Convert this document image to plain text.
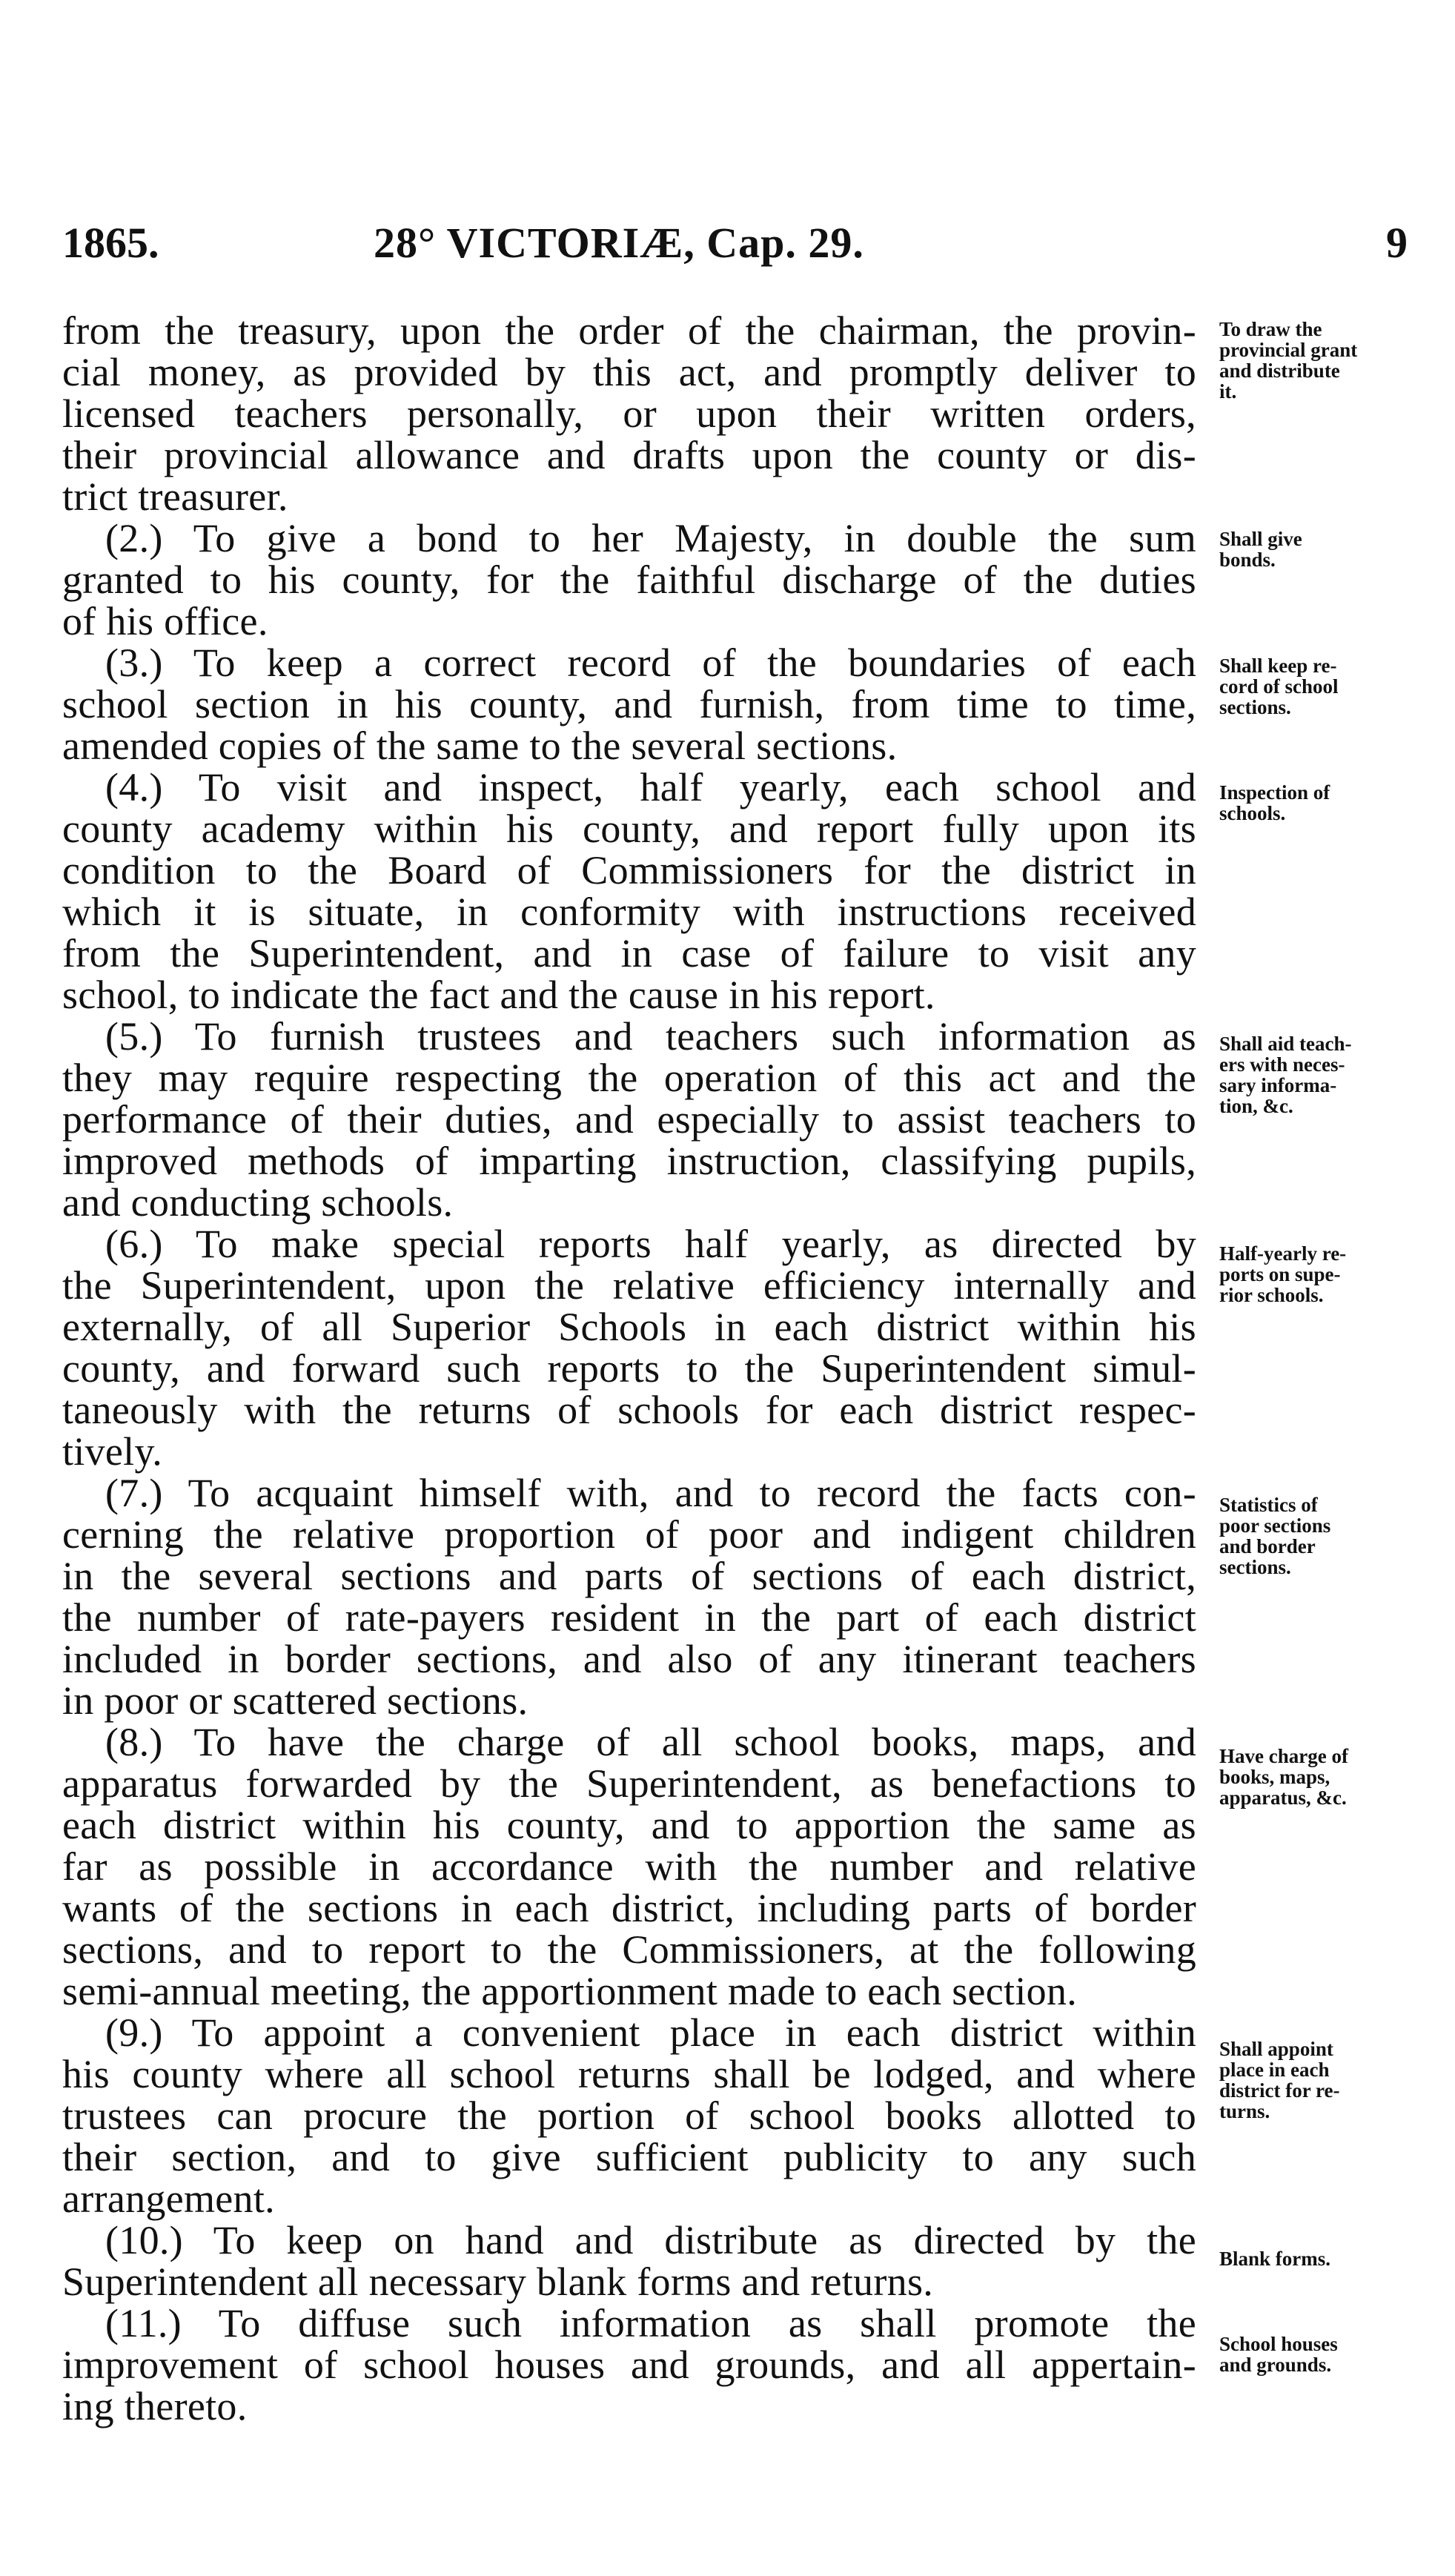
1865.	28° VICTORIÆ, Cap. 29.	9

from the treasury, upon the order of the chairman, the provin-
cial money, as provided by this act, and promptly deliver to
licensed teachers personally, or upon their written orders,
their provincial allowance and drafts upon the county or dis-
trict treasurer.

(2.) To give a bond to her Majesty, in double the sum
granted to his county, for the faithful discharge of the duties
of his office.

(3.) To keep a correct record of the boundaries of each
school section in his county, and furnish, from time to time,
amended copies of the same to the several sections.

(4.) To visit and inspect, half yearly, each school and
county academy within his county, and report fully upon its
condition to the Board of Commissioners for the district in
which it is situate, in conformity with instructions received
from the Superintendent, and in case of failure to visit any
school, to indicate the fact and the cause in his report.

(5.) To furnish trustees and teachers such information as
they may require respecting the operation of this act and the
performance of their duties, and especially to assist teachers to
improved methods of imparting instruction, classifying pupils,
and conducting schools.

(6.) To make special reports half yearly, as directed by
the Superintendent, upon the relative efficiency internally and
externally, of all Superior Schools in each district within his
county, and forward such reports to the Superintendent simul-
taneously with the returns of schools for each district respec-
tively.

(7.) To acquaint himself with, and to record the facts con-
cerning the relative proportion of poor and indigent children
in the several sections and parts of sections of each district,
the number of rate-payers resident in the part of each district
included in border sections, and also of any itinerant teachers
in poor or scattered sections.

(8.) To have the charge of all school books, maps, and
apparatus forwarded by the Superintendent, as benefactions to
each district within his county, and to apportion the same as
far as possible in accordance with the number and relative
wants of the sections in each district, including parts of border
sections, and to report to the Commissioners, at the following
semi-annual meeting, the apportionment made to each section.

(9.) To appoint a convenient place in each district within
his county where all school returns shall be lodged, and where
trustees can procure the portion of school books allotted to
their section, and to give sufficient publicity to any such
arrangement.

(10.) To keep on hand and distribute as directed by the
Superintendent all necessary blank forms and returns.

(11.) To diffuse such information as shall promote the
improvement of school houses and grounds, and all appertain-
ing thereto.

To draw the
provincial grant
and distribute
it.
Shall give
bonds.
Shall keep re-
cord of school
sections.
Inspection of
schools.
Shall aid teach-
ers with neces-
sary informa-
tion, &c.
Half-yearly re-
ports on supe-
rior schools.
Statistics of
poor sections
and border
sections.
Have charge of
books, maps,
apparatus, &c.
Shall appoint
place in each
district for re-
turns.
Blank forms.
School houses
and grounds.
